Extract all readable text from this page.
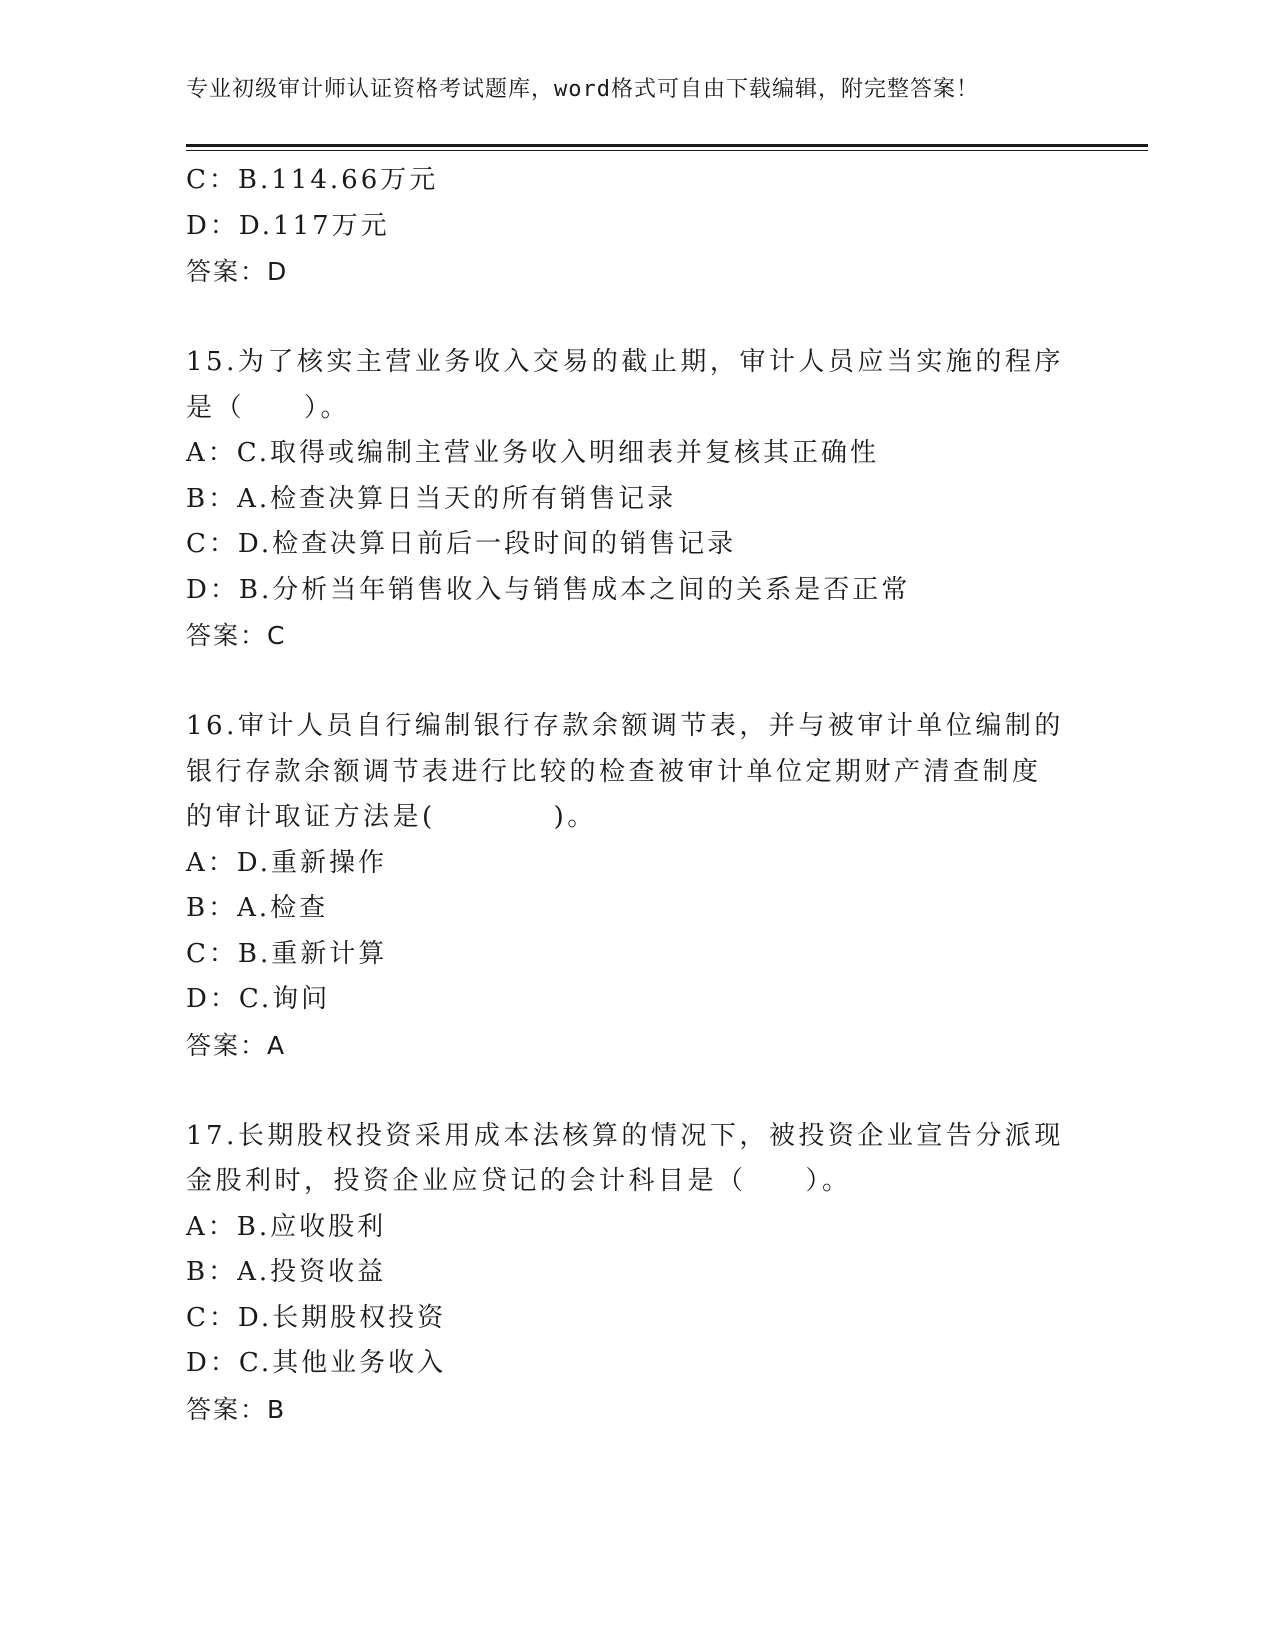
专业初级审计师认证资格考试题库，word格式可自由下载编辑，附完整答案！
C：B.114.66万元
D：D.117万元
答案：D
15.为了核实主营业务收入交易的截止期，审计人员应当实施的程序是（　　）。
A：C.取得或编制主营业务收入明细表并复核其正确性
B：A.检查决算日当天的所有销售记录
C：D.检查决算日前后一段时间的销售记录
D：B.分析当年销售收入与销售成本之间的关系是否正常
答案：C
16.审计人员自行编制银行存款余额调节表，并与被审计单位编制的银行存款余额调节表进行比较的检查被审计单位定期财产清查制度的审计取证方法是(　　　　)。
A：D.重新操作
B：A.检查
C：B.重新计算
D：C.询问
答案：A
17.长期股权投资采用成本法核算的情况下，被投资企业宣告分派现金股利时，投资企业应贷记的会计科目是（　　）。
A：B.应收股利
B：A.投资收益
C：D.长期股权投资
D：C.其他业务收入
答案：B
